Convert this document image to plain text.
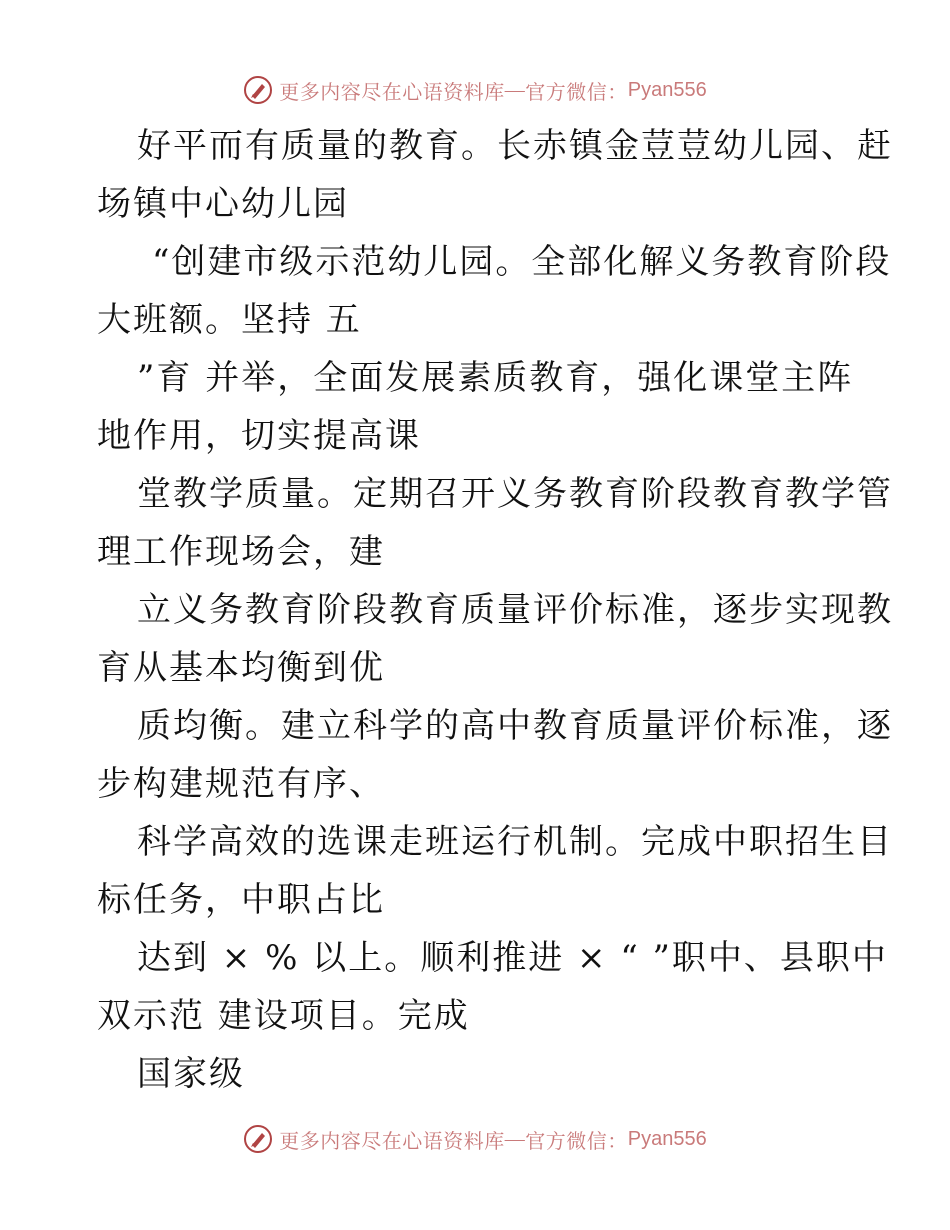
更多内容尽在心语资料库 — 官方微信： Pyan556
好平而有质量的教育。长赤镇金荳荳幼儿园、赶
场镇中心幼儿园
“创建市级示范幼儿园。全部化解义务教育阶段
大班额。坚持 五
”育 并举，全面发展素质教育，强化课堂主阵
地作用，切实提高课
堂教学质量。定期召开义务教育阶段教育教学管
理工作现场会，建
立义务教育阶段教育质量评价标准，逐步实现教
育从基本均衡到优
质均衡。建立科学的高中教育质量评价标准，逐
步构建规范有序、
科学高效的选课走班运行机制。完成中职招生目
标任务，中职占比
达到 × % 以上。顺利推进 × “ ”职中、县职中
双示范 建设项目。完成
国家级
更多内容尽在心语资料库 — 官方微信： Pyan556
